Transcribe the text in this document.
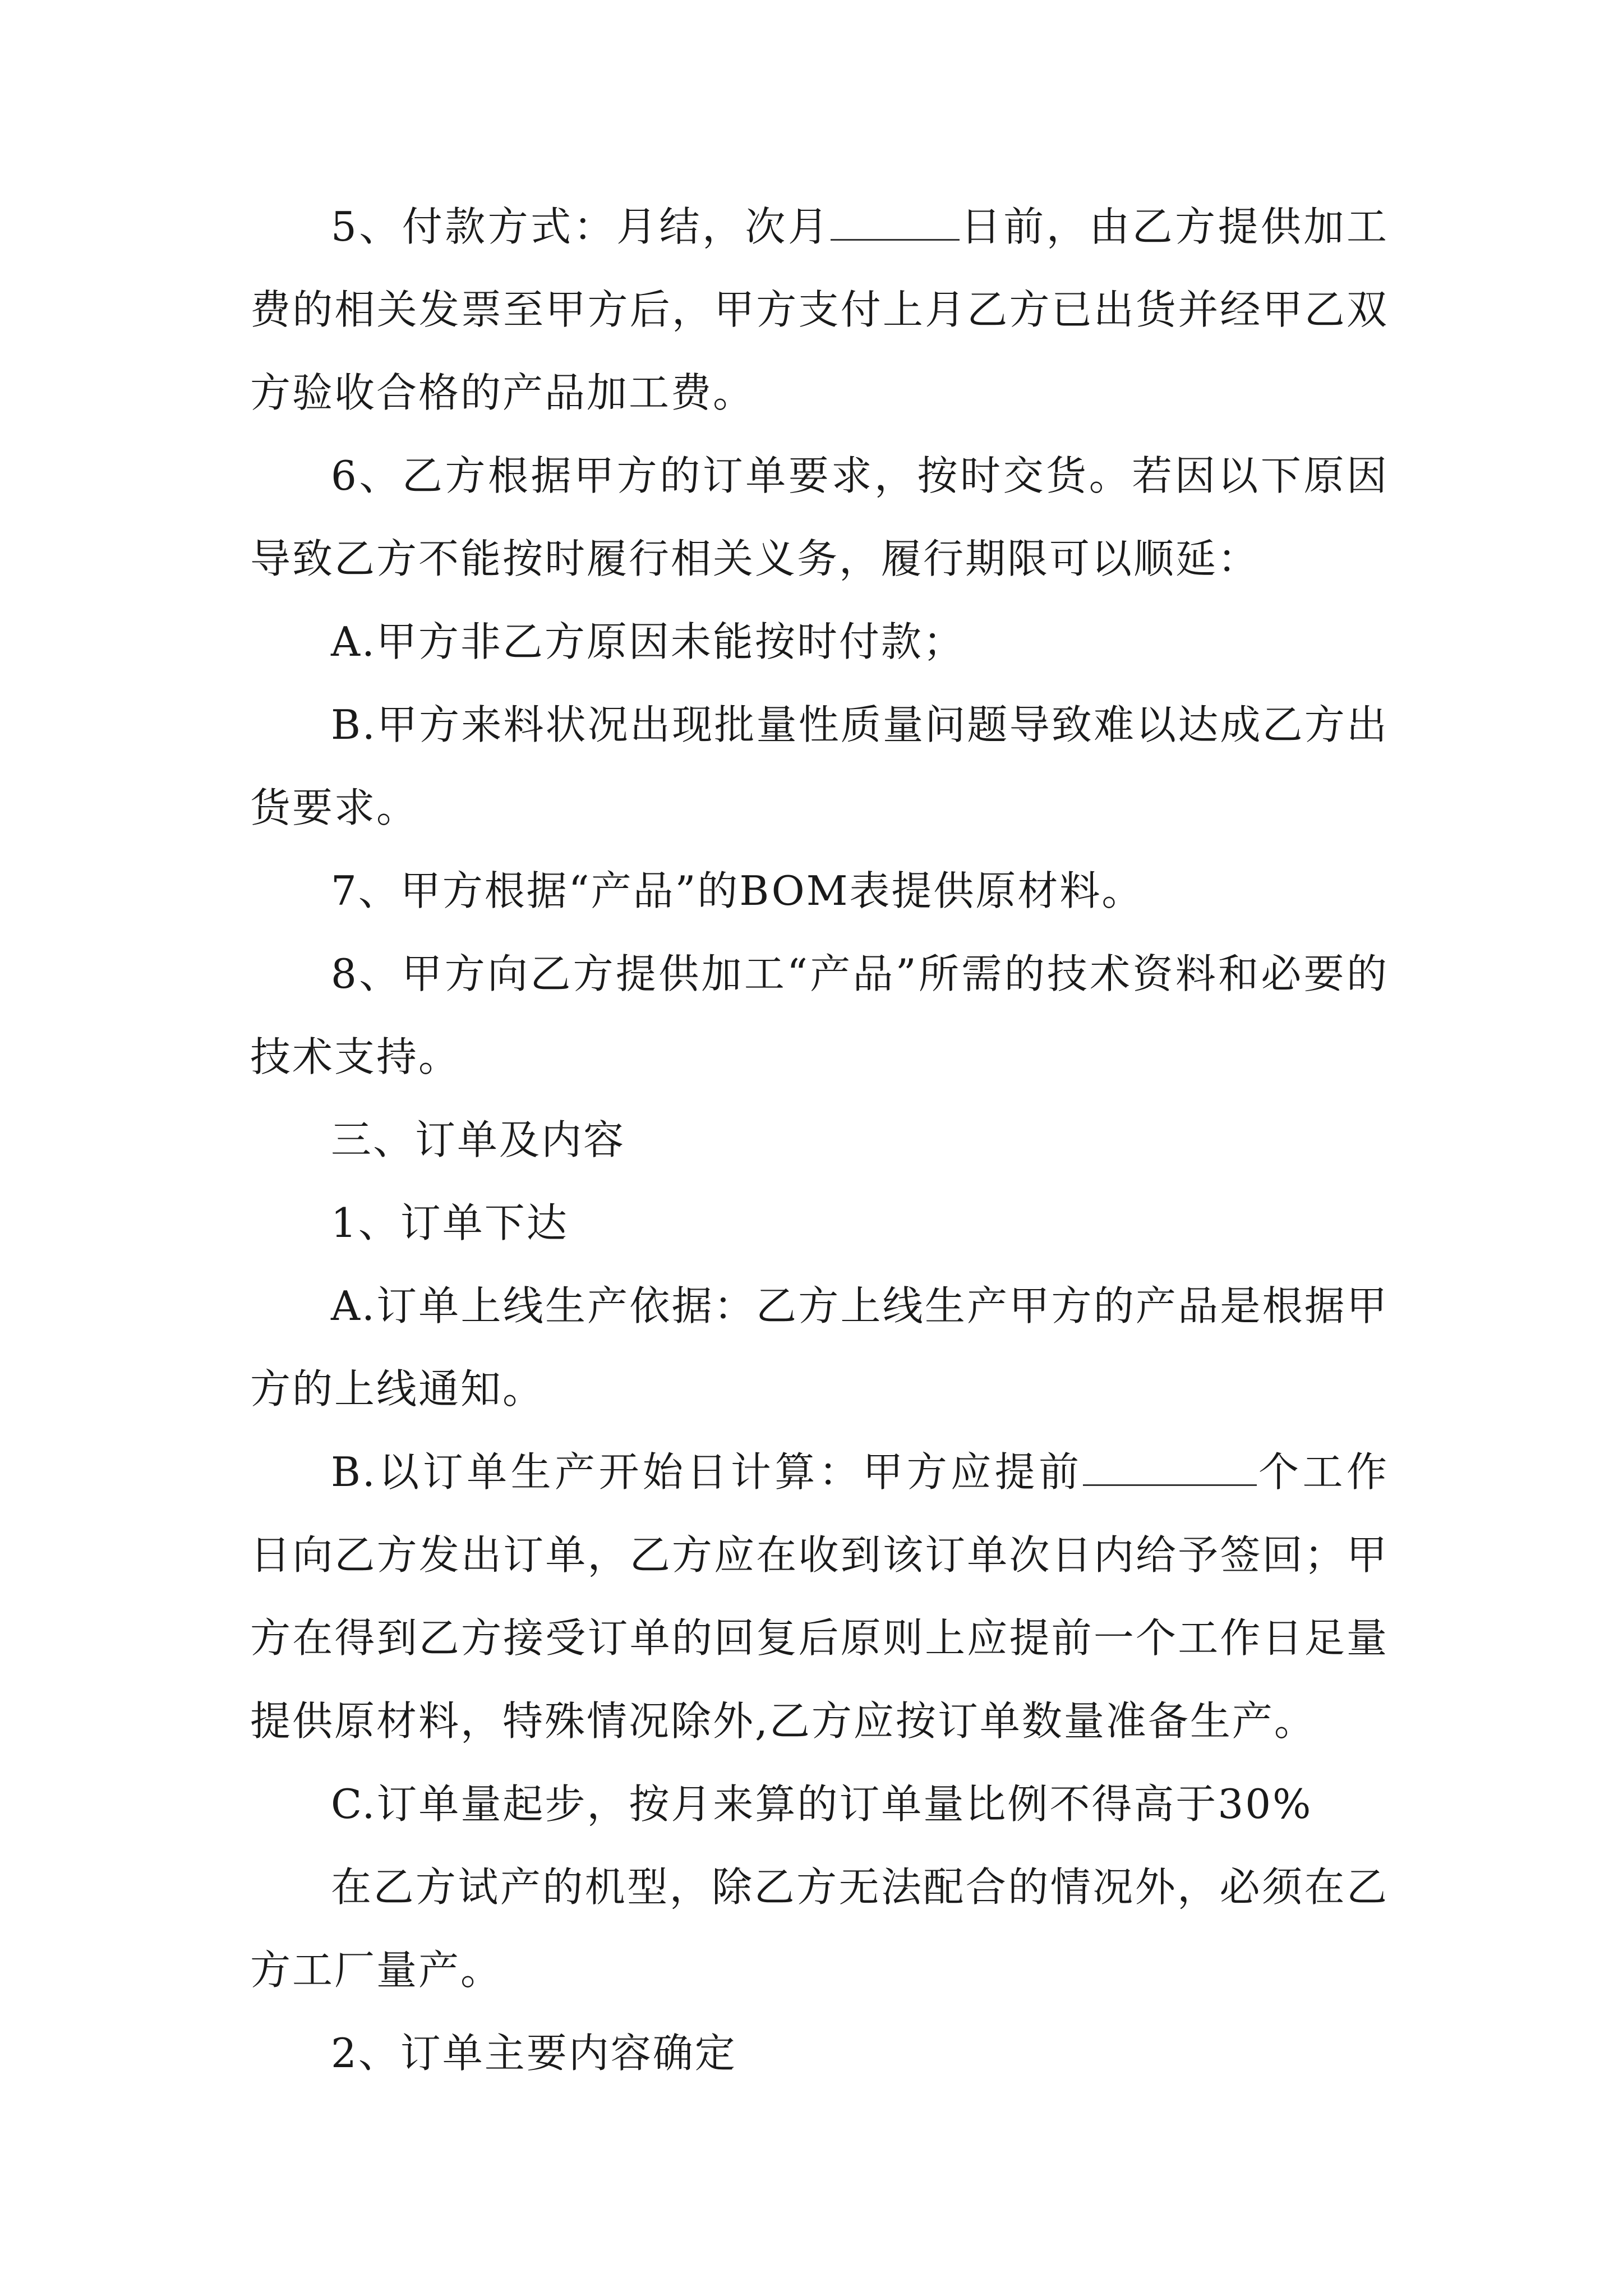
5、付款方式：月结，次月	日前，由乙方提供加工费的相关发票至甲方后，甲方支付上月乙方已出货并经甲乙双方验收合格的产品加工费。

6、乙方根据甲方的订单要求，按时交货。若因以下原因导致乙方不能按时履行相关义务，履行期限可以顺延：

A.甲方非乙方原因未能按时付款；

B.甲方来料状况出现批量性质量问题导致难以达成乙方出货要求。

7、甲方根据“产品”的BOM表提供原材料。

8、甲方向乙方提供加工“产品”所需的技术资料和必要的技术支持。

三、订单及内容

1、订单下达

A.订单上线生产依据：乙方上线生产甲方的产品是根据甲方的上线通知。

B.以订单生产开始日计算：甲方应提前	个工作日向乙方发出订单，乙方应在收到该订单次日内给予签回；甲方在得到乙方接受订单的回复后原则上应提前一个工作日足量提供原材料，特殊情况除外,乙方应按订单数量准备生产。

C.订单量起步，按月来算的订单量比例不得高于30%

在乙方试产的机型，除乙方无法配合的情况外，必须在乙方工厂量产。

2、订单主要内容确定
